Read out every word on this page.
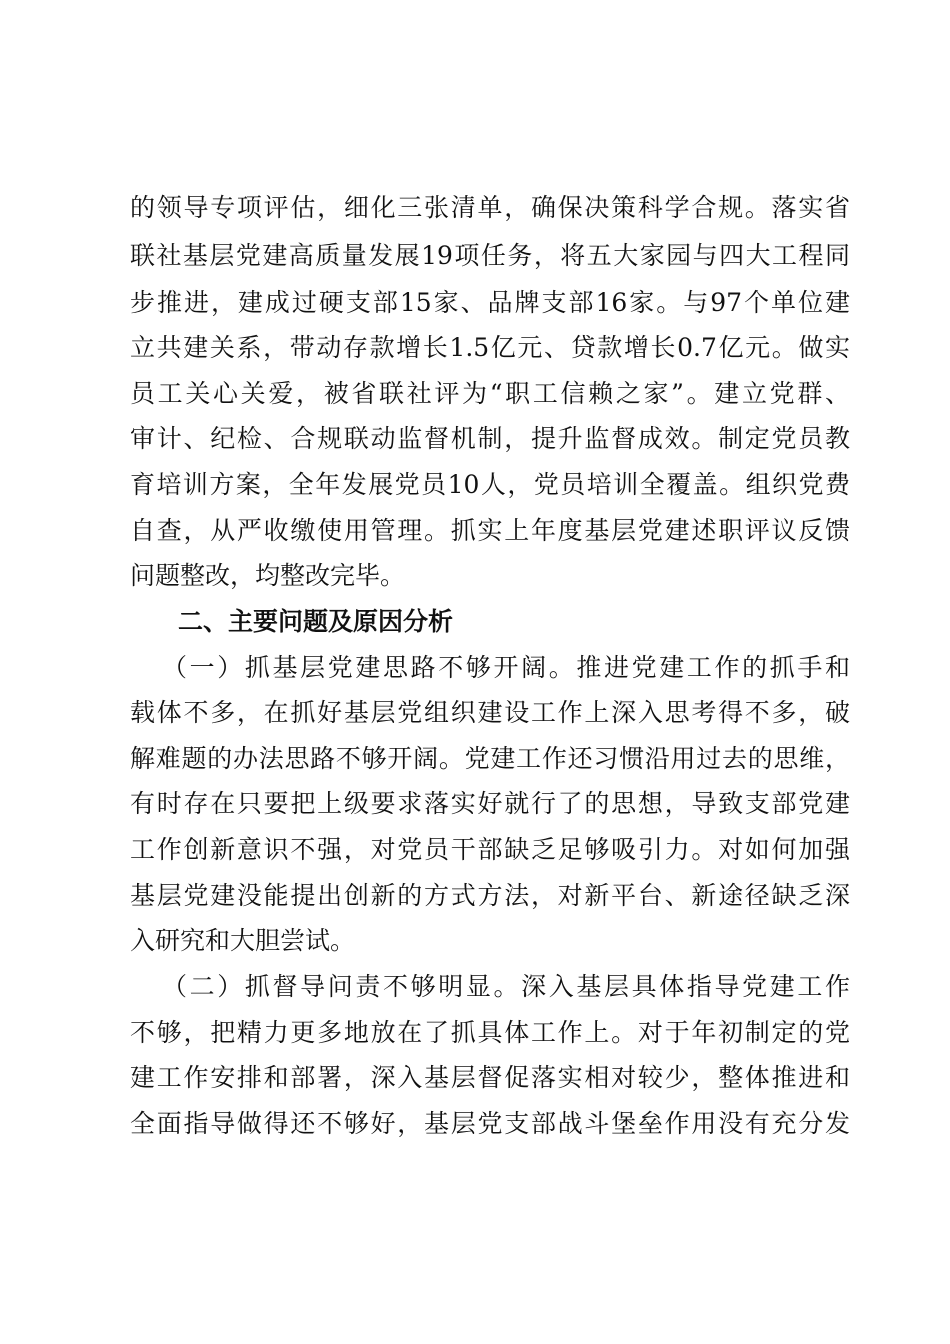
的领导专项评估，细化三张清单，确保决策科学合规。落实省
联社基层党建高质量发展19项任务，将五大家园与四大工程同
步推进，建成过硬支部15家、品牌支部16家。与97个单位建
立共建关系，带动存款增长1.5亿元、贷款增长0.7亿元。做实
员工关心关爱，被省联社评为“职工信赖之家”。建立党群、
审计、纪检、合规联动监督机制，提升监督成效。制定党员教
育培训方案，全年发展党员10人，党员培训全覆盖。组织党费
自查，从严收缴使用管理。抓实上年度基层党建述职评议反馈
问题整改，均整改完毕。
二、主要问题及原因分析
（一）抓基层党建思路不够开阔。推进党建工作的抓手和
载体不多，在抓好基层党组织建设工作上深入思考得不多，破
解难题的办法思路不够开阔。党建工作还习惯沿用过去的思维，
有时存在只要把上级要求落实好就行了的思想，导致支部党建
工作创新意识不强，对党员干部缺乏足够吸引力。对如何加强
基层党建没能提出创新的方式方法，对新平台、新途径缺乏深
入研究和大胆尝试。
（二）抓督导问责不够明显。深入基层具体指导党建工作
不够，把精力更多地放在了抓具体工作上。对于年初制定的党
建工作安排和部署，深入基层督促落实相对较少，整体推进和
全面指导做得还不够好，基层党支部战斗堡垒作用没有充分发
